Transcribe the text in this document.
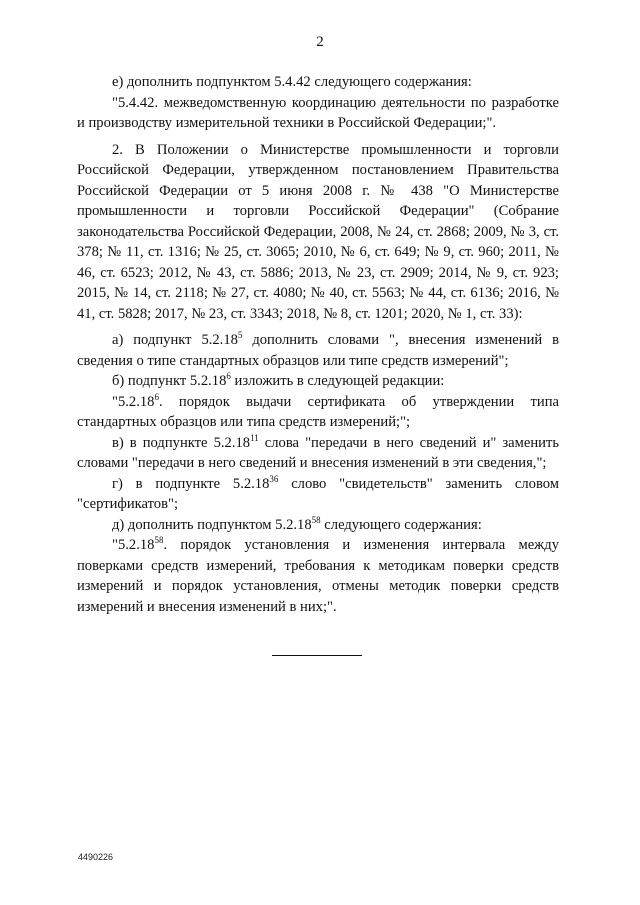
2

е) дополнить подпунктом 5.4.42 следующего содержания:

"5.4.42. межведомственную координацию деятельности по разработке и производству измерительной техники в Российской Федерации;".

2. В Положении о Министерстве промышленности и торговли Российской Федерации, утвержденном постановлением Правительства Российской Федерации от 5 июня 2008 г. № 438 "О Министерстве промышленности и торговли Российской Федерации" (Собрание законодательства Российской Федерации, 2008, № 24, ст. 2868; 2009, № 3, ст. 378; № 11, ст. 1316; № 25, ст. 3065; 2010, № 6, ст. 649; № 9, ст. 960; 2011, № 46, ст. 6523; 2012, № 43, ст. 5886; 2013, № 23, ст. 2909; 2014, № 9, ст. 923; 2015, № 14, ст. 2118; № 27, ст. 4080; № 40, ст. 5563; № 44, ст. 6136; 2016, № 41, ст. 5828; 2017, № 23, ст. 3343; 2018, № 8, ст. 1201; 2020, № 1, ст. 33):

а) подпункт 5.2.18$^5$ дополнить словами ", внесения изменений в сведения о типе стандартных образцов или типе средств измерений";

б) подпункт 5.2.18$^6$ изложить в следующей редакции:

"5.2.18$^6$. порядок выдачи сертификата об утверждении типа стандартных образцов или типа средств измерений;";

в) в подпункте 5.2.18$^{11}$ слова "передачи в него сведений и" заменить словами "передачи в него сведений и внесения изменений в эти сведения,";

г) в подпункте 5.2.18$^{36}$ слово "свидетельств" заменить словом "сертификатов";

д) дополнить подпунктом 5.2.18$^{58}$ следующего содержания:

"5.2.18$^{58}$. порядок установления и изменения интервала между поверками средств измерений, требования к методикам поверки средств измерений и порядок установления, отмены методик поверки средств измерений и внесения изменений в них;".

4490226
